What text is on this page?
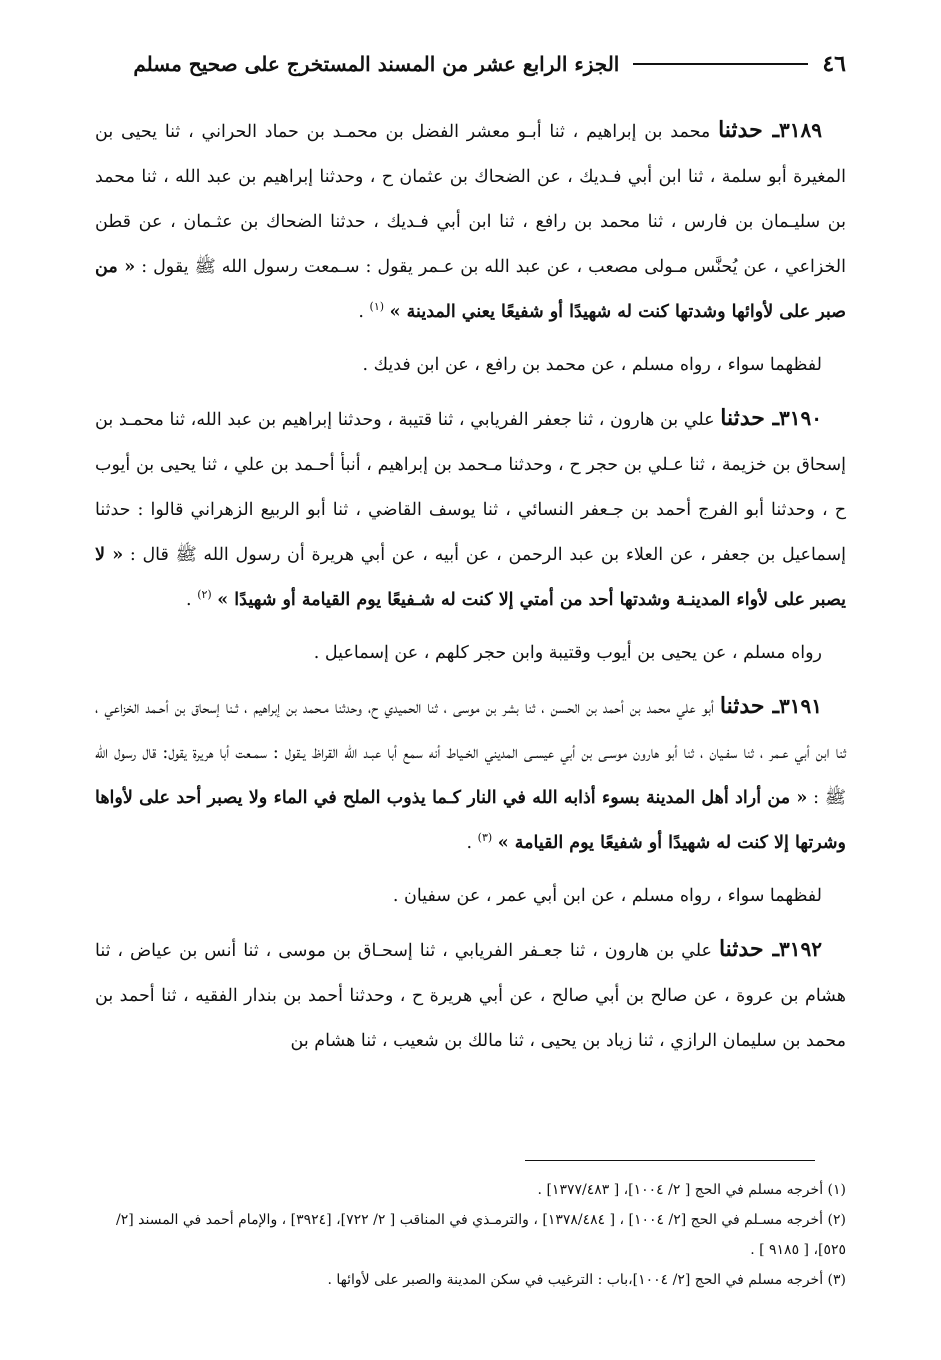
٤٦
الجزء الرابع عشر من المسند المستخرج على صحيح مسلم

٣١٨٩ـ حدثنا محمد بن إبراهيم ، ثنا أبـو معشر الفضل بن محمـد بن حماد الحراني ، ثنا يحيى بن المغيرة أبو سلمة ، ثنا ابن أبي فـديك ، عن الضحاك بن عثمان ح ، وحدثنا إبراهيم بن عبد الله ، ثنا محمد بن سليـمان بن فارس ، ثنا محمد بن رافع ، ثنا ابن أبي فـديك ، حدثنا الضحاك بن عثـمان ، عن قطن الخزاعي ، عن يُحنَّس مـولى مصعب ، عن عبد الله بن عـمر يقول : سـمعت رسول الله ﷺ يقول : « من صبر على لأوائها وشدتها كنت له شهيدًا أو شفيعًا يعني المدينة » $^{(١)}$ .

لفظهما سواء ، رواه مسلم ، عن محمد بن رافع ، عن ابن فديك .

٣١٩٠ـ حدثنا علي بن هارون ، ثنا جعفر الفريابي ، ثنا قتيبة ، وحدثنا إبراهيم بن عبد الله، ثنا محمـد بن إسحاق بن خزيمة ، ثنا عـلي بن حجر ح ، وحدثنا مـحمد بن إبراهيم ، أنبأ أحـمد بن علي ، ثنا يحيى بن أيوب ح ، وحدثنا أبو الفرج أحمد بن جـعفر النسائي ، ثنا يوسف القاضي ، ثنا أبو الربيع الزهراني قالوا : حدثنا إسماعيل بن جعفر ، عن العلاء بن عبد الرحمن ، عن أبيه ، عن أبي هريرة أن رسول الله ﷺ قال : « لا يصبر على لأواء المدينـة وشدتها أحد من أمتي إلا كنت له شـفيعًا يوم القيامة أو شهيدًا » $^{(٢)}$ .

رواه مسلم ، عن يحيى بن أيوب وقتيبة وابن حجر كلهم ، عن إسماعيل .

٣١٩١ـ حدثنا أبو علي محمد بن أحمد بن الحسن ، ثنا بشر بن موسى ، ثنا الحميدي ح، وحدثنا مـحمد بن إبراهيم ، ثـنا إسحاق بن أحـمد الخزاعي ، ثنا ابن أبي عـمر ، ثنا سفـيان ، ثنا أبو هارون موسـى بن أبي عيسـى المديني الخـياط أنه سمع أبا عبـد الله القراظ يـقول : سمـعت أبا هريرة يقول: قال رسول الله ﷺ : « من أراد أهل المدينة بسوء أذابه الله في النار كـما يذوب الملح في الماء ولا يصبر أحد على لأواها وشرتها إلا كنت له شهيدًا أو شفيعًا يوم القيامة » $^{(٣)}$ .

لفظهما سواء ، رواه مسلم ، عن ابن أبي عمر ، عن سفيان .

٣١٩٢ـ حدثنا علي بن هارون ، ثنا جعـفر الفريابي ، ثنا إسحـاق بن موسى ، ثنا أنس بن عياض ، ثنا هشام بن عروة ، عن صالح بن أبي صالح ، عن أبي هريرة ح ، وحدثنا أحمد بن بندار الفقيه ، ثنا أحمد بن محمد بن سليمان الرازي ، ثنا زياد بن يحيى ، ثنا مالك بن شعيب ، ثنا هشام بن

(١) أخرجه مسلم في الحج [ ٢/ ١٠٠٤]، [ ١٣٧٧/٤٨٣] .

(٢) أخرجه مسـلم في الحج [٢/ ١٠٠٤] ، [ ١٣٧٨/٤٨٤] ، والترمـذي في المناقب [ ٢/ ٧٢٢]، [٣٩٢٤] ، والإمام أحمد في المسند [٢/ ٥٢٥]، [ ٩١٨٥ ] .

(٣) أخرجه مسلم في الحج [٢/ ١٠٠٤]،باب : الترغيب في سكن المدينة والصبر على لأوائها .
